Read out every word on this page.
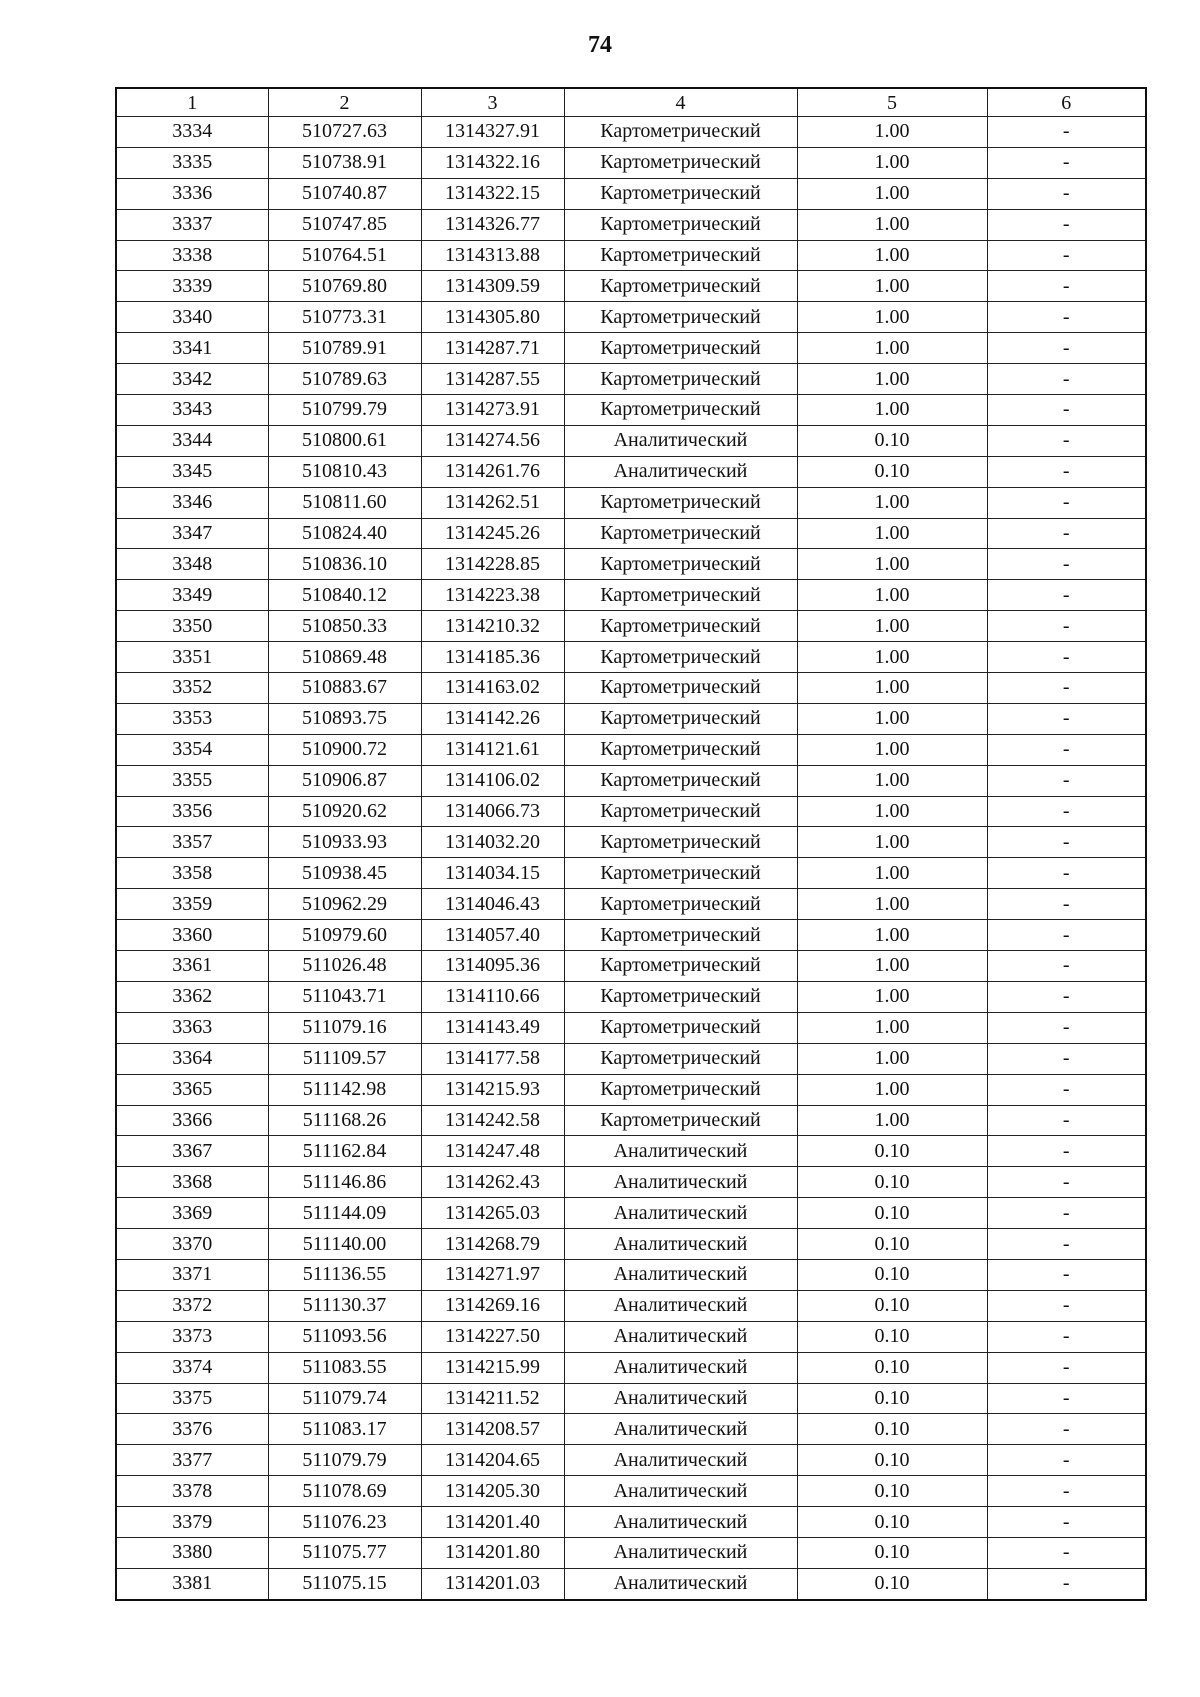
74
1	2	3	4	5	6
3334	510727.63	1314327.91	Картометрический	1.00	-
3335	510738.91	1314322.16	Картометрический	1.00	-
3336	510740.87	1314322.15	Картометрический	1.00	-
3337	510747.85	1314326.77	Картометрический	1.00	-
3338	510764.51	1314313.88	Картометрический	1.00	-
3339	510769.80	1314309.59	Картометрический	1.00	-
3340	510773.31	1314305.80	Картометрический	1.00	-
3341	510789.91	1314287.71	Картометрический	1.00	-
3342	510789.63	1314287.55	Картометрический	1.00	-
3343	510799.79	1314273.91	Картометрический	1.00	-
3344	510800.61	1314274.56	Аналитический	0.10	-
3345	510810.43	1314261.76	Аналитический	0.10	-
3346	510811.60	1314262.51	Картометрический	1.00	-
3347	510824.40	1314245.26	Картометрический	1.00	-
3348	510836.10	1314228.85	Картометрический	1.00	-
3349	510840.12	1314223.38	Картометрический	1.00	-
3350	510850.33	1314210.32	Картометрический	1.00	-
3351	510869.48	1314185.36	Картометрический	1.00	-
3352	510883.67	1314163.02	Картометрический	1.00	-
3353	510893.75	1314142.26	Картометрический	1.00	-
3354	510900.72	1314121.61	Картометрический	1.00	-
3355	510906.87	1314106.02	Картометрический	1.00	-
3356	510920.62	1314066.73	Картометрический	1.00	-
3357	510933.93	1314032.20	Картометрический	1.00	-
3358	510938.45	1314034.15	Картометрический	1.00	-
3359	510962.29	1314046.43	Картометрический	1.00	-
3360	510979.60	1314057.40	Картометрический	1.00	-
3361	511026.48	1314095.36	Картометрический	1.00	-
3362	511043.71	1314110.66	Картометрический	1.00	-
3363	511079.16	1314143.49	Картометрический	1.00	-
3364	511109.57	1314177.58	Картометрический	1.00	-
3365	511142.98	1314215.93	Картометрический	1.00	-
3366	511168.26	1314242.58	Картометрический	1.00	-
3367	511162.84	1314247.48	Аналитический	0.10	-
3368	511146.86	1314262.43	Аналитический	0.10	-
3369	511144.09	1314265.03	Аналитический	0.10	-
3370	511140.00	1314268.79	Аналитический	0.10	-
3371	511136.55	1314271.97	Аналитический	0.10	-
3372	511130.37	1314269.16	Аналитический	0.10	-
3373	511093.56	1314227.50	Аналитический	0.10	-
3374	511083.55	1314215.99	Аналитический	0.10	-
3375	511079.74	1314211.52	Аналитический	0.10	-
3376	511083.17	1314208.57	Аналитический	0.10	-
3377	511079.79	1314204.65	Аналитический	0.10	-
3378	511078.69	1314205.30	Аналитический	0.10	-
3379	511076.23	1314201.40	Аналитический	0.10	-
3380	511075.77	1314201.80	Аналитический	0.10	-
3381	511075.15	1314201.03	Аналитический	0.10	-
